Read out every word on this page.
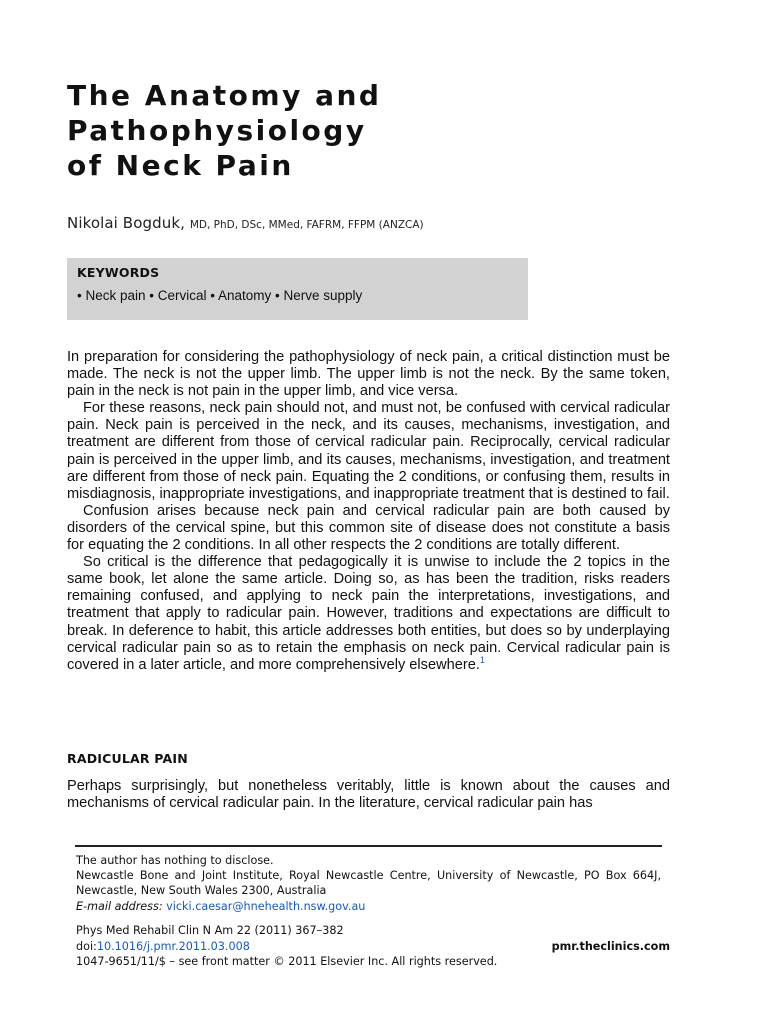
The Anatomy and
Pathophysiology
of Neck Pain
Nikolai Bogduk, MD, PhD, DSc, MMed, FAFRM, FFPM (ANZCA)
KEYWORDS
• Neck pain • Cervical • Anatomy • Nerve supply

In preparation for considering the pathophysiology of neck pain, a critical distinction must be made. The neck is not the upper limb. The upper limb is not the neck. By the same token, pain in the neck is not pain in the upper limb, and vice versa.

For these reasons, neck pain should not, and must not, be confused with cervical radicular pain. Neck pain is perceived in the neck, and its causes, mechanisms, investigation, and treatment are different from those of cervical radicular pain. Reciprocally, cervical radicular pain is perceived in the upper limb, and its causes, mechanisms, investigation, and treatment are different from those of neck pain. Equating the 2 conditions, or confusing them, results in misdiagnosis, inappropriate investigations, and inappropriate treatment that is destined to fail.

Confusion arises because neck pain and cervical radicular pain are both caused by disorders of the cervical spine, but this common site of disease does not constitute a basis for equating the 2 conditions. In all other respects the 2 conditions are totally different.

So critical is the difference that pedagogically it is unwise to include the 2 topics in the same book, let alone the same article. Doing so, as has been the tradition, risks readers remaining confused, and applying to neck pain the interpretations, investigations, and treatment that apply to radicular pain. However, traditions and expectations are difficult to break. In deference to habit, this article addresses both entities, but does so by underplaying cervical radicular pain so as to retain the emphasis on neck pain. Cervical radicular pain is covered in a later article, and more comprehensively elsewhere.$^1$

RADICULAR PAIN

Perhaps surprisingly, but nonetheless veritably, little is known about the causes and mechanisms of cervical radicular pain. In the literature, cervical radicular pain has

The author has nothing to disclose.

Newcastle Bone and Joint Institute, Royal Newcastle Centre, University of Newcastle, PO Box 664J, Newcastle, New South Wales 2300, Australia

E-mail address: vicki.caesar@hnehealth.nsw.gov.au

Phys Med Rehabil Clin N Am 22 (2011) 367–382
doi:10.1016/j.pmr.2011.03.008	pmr.theclinics.com
1047-9651/11/$ – see front matter © 2011 Elsevier Inc. All rights reserved.
